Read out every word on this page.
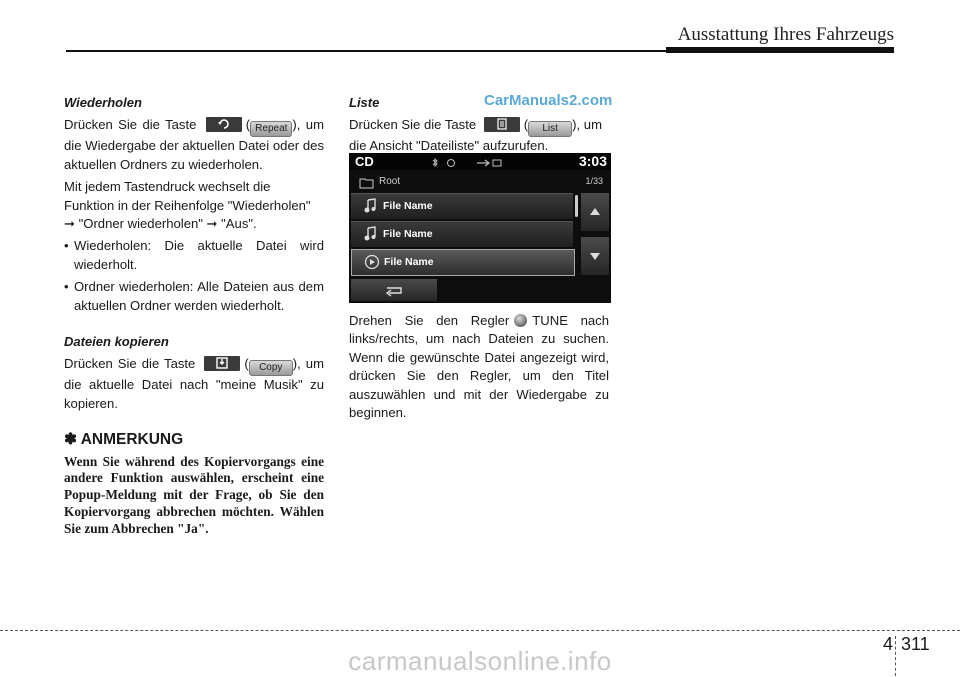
Ausstattung Ihres Fahrzeugs
CarManuals2.com
Wiederholen

Drücken Sie die Taste	( Repeat ), um die Wiedergabe der aktuellen Datei oder des aktuellen Ordners zu wiederholen.

Mit jedem Tastendruck wechselt die Funktion in der Reihenfolge "Wiederholen" ➞ "Ordner wiederholen" ➞ "Aus".

• Wiederholen: Die aktuelle Datei wird wiederholt.
• Ordner wiederholen: Alle Dateien aus dem aktuellen Ordner werden wiederholt.
Dateien kopieren

Drücken Sie die Taste	( Copy ), um die aktuelle Datei nach "meine Musik" zu kopieren.

✽ ANMERKUNG
Wenn Sie während des Kopiervorgangs eine andere Funktion auswählen, erscheint eine Popup-Meldung mit der Frage, ob Sie den Kopiervorgang abbrechen möchten. Wählen Sie zum Abbrechen "Ja".
Liste

Drücken Sie die Taste	( List ), um die Ansicht "Dateiliste" aufzurufen.

CD	3:03
Root	1/33
File Name
File Name
File Name

Drehen Sie den Regler TUNE nach links/rechts, um nach Dateien zu suchen. Wenn die gewünschte Datei angezeigt wird, drücken Sie den Regler, um den Titel auszuwählen und mit der Wiedergabe zu beginnen.

4 311
carmanualsonline.info
